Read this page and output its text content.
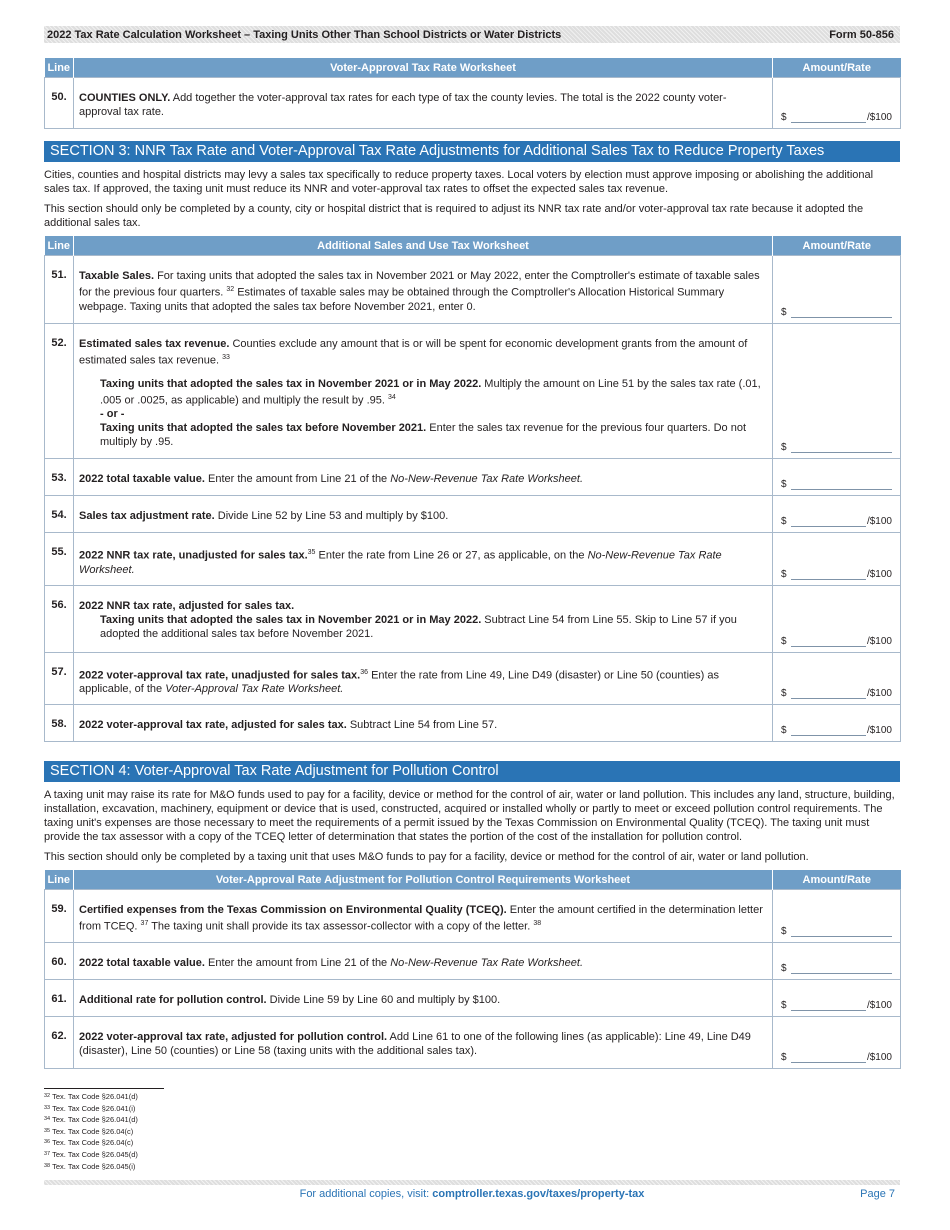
2022 Tax Rate Calculation Worksheet – Taxing Units Other Than School Districts or Water Districts	Form 50-856
Line	Voter-Approval Tax Rate Worksheet	Amount/Rate
50.	COUNTIES ONLY. Add together the voter-approval tax rates for each type of tax the county levies. The total is the 2022 county voter-approval tax rate.	$ /$100
SECTION 3: NNR Tax Rate and Voter-Approval Tax Rate Adjustments for Additional Sales Tax to Reduce Property Taxes

Cities, counties and hospital districts may levy a sales tax specifically to reduce property taxes. Local voters by election must approve imposing or abolishing the additional sales tax. If approved, the taxing unit must reduce its NNR and voter-approval tax rates to offset the expected sales tax revenue.

This section should only be completed by a county, city or hospital district that is required to adjust its NNR tax rate and/or voter-approval tax rate because it adopted the additional sales tax.

Line	Additional Sales and Use Tax Worksheet	Amount/Rate
51.	Taxable Sales. For taxing units that adopted the sales tax in November 2021 or May 2022, enter the Comptroller's estimate of taxable sales for the previous four quarters. $^{32}$ Estimates of taxable sales may be obtained through the Comptroller's Allocation Historical Summary webpage. Taxing units that adopted the sales tax before November 2021, enter 0.	$

52.	Estimated sales tax revenue. Counties exclude any amount that is or will be spent for economic development grants from the amount of estimated sales tax revenue. $^{33}$

Taxing units that adopted the sales tax in November 2021 or in May 2022. Multiply the amount on Line 51 by the sales tax rate (.01, .005 or .0025, as applicable) and multiply the result by .95. $^{34}$

- or -

Taxing units that adopted the sales tax before November 2021. Enter the sales tax revenue for the previous four quarters. Do not multiply by .95.	$

53.	2022 total taxable value. Enter the amount from Line 21 of the No-New-Revenue Tax Rate Worksheet.	$

54.	Sales tax adjustment rate. Divide Line 52 by Line 53 and multiply by $100.	$ /$100

55.	2022 NNR tax rate, unadjusted for sales tax.$^{35}$ Enter the rate from Line 26 or 27, as applicable, on the No-New-Revenue Tax Rate Worksheet.	$ /$100

56.	2022 NNR tax rate, adjusted for sales tax.

Taxing units that adopted the sales tax in November 2021 or in May 2022. Subtract Line 54 from Line 55. Skip to Line 57 if you adopted the additional sales tax before November 2021.	$ /$100

57.	2022 voter-approval tax rate, unadjusted for sales tax.$^{36}$ Enter the rate from Line 49, Line D49 (disaster) or Line 50 (counties) as applicable, of the Voter-Approval Tax Rate Worksheet.	$ /$100

58.	2022 voter-approval tax rate, adjusted for sales tax. Subtract Line 54 from Line 57.	$ /$100
SECTION 4: Voter-Approval Tax Rate Adjustment for Pollution Control

A taxing unit may raise its rate for M&O funds used to pay for a facility, device or method for the control of air, water or land pollution. This includes any land, structure, building, installation, excavation, machinery, equipment or device that is used, constructed, acquired or installed wholly or partly to meet or exceed pollution control requirements. The taxing unit's expenses are those necessary to meet the requirements of a permit issued by the Texas Commission on Environmental Quality (TCEQ). The taxing unit must provide the tax assessor with a copy of the TCEQ letter of determination that states the portion of the cost of the installation for pollution control.

This section should only be completed by a taxing unit that uses M&O funds to pay for a facility, device or method for the control of air, water or land pollution.

Line	Voter-Approval Rate Adjustment for Pollution Control Requirements Worksheet	Amount/Rate
59.	Certified expenses from the Texas Commission on Environmental Quality (TCEQ). Enter the amount certified in the determination letter from TCEQ. $^{37}$ The taxing unit shall provide its tax assessor-collector with a copy of the letter. $^{38}$	$

60.	2022 total taxable value. Enter the amount from Line 21 of the No-New-Revenue Tax Rate Worksheet.	$

61.	Additional rate for pollution control. Divide Line 59 by Line 60 and multiply by $100.	$ /$100

62.	2022 voter-approval tax rate, adjusted for pollution control. Add Line 61 to one of the following lines (as applicable): Line 49, Line D49 (disaster), Line 50 (counties) or Line 58 (taxing units with the additional sales tax).	$ /$100
32 Tex. Tax Code §26.041(d)
33 Tex. Tax Code §26.041(i)
34 Tex. Tax Code §26.041(d)
35 Tex. Tax Code §26.04(c)
36 Tex. Tax Code §26.04(c)
37 Tex. Tax Code §26.045(d)
38 Tex. Tax Code §26.045(i)
For additional copies, visit: comptroller.texas.gov/taxes/property-tax	Page 7
